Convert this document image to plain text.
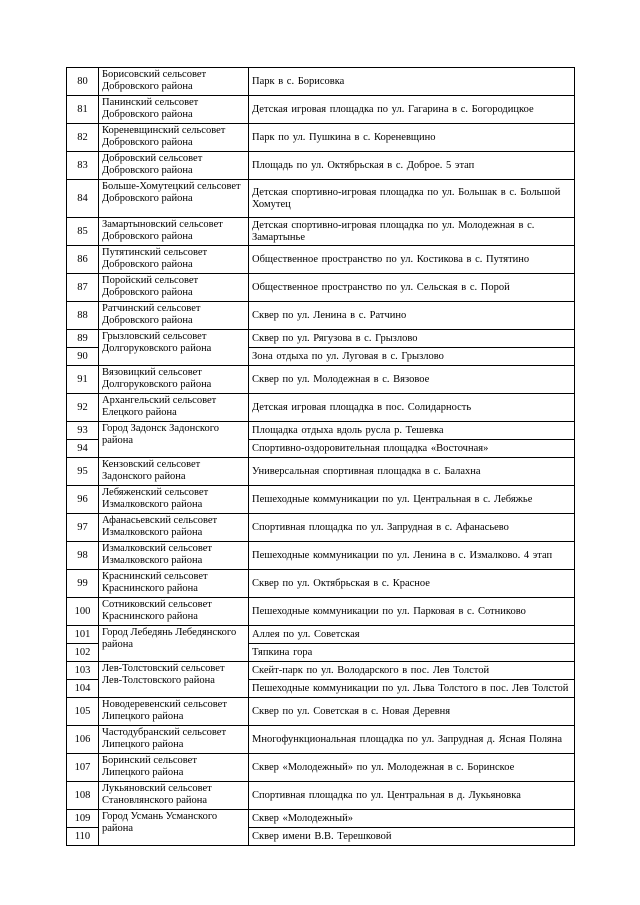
80	Борисовский сельсовет Добровского района	Парк в с. Борисовка
81	Панинский сельсовет Добровского района	Детская игровая площадка по ул. Гагарина в с. Богородицкое
82	Кореневщинский сельсовет Добровского района	Парк по ул. Пушкина в с. Кореневщино
83	Добровский сельсовет Добровского района	Площадь по ул. Октябрьская в с. Доброе. 5 этап
84	Больше-Хомутецкий сельсовет Добровского района	Детская спортивно-игровая площадка по ул. Большак в с. Большой Хомутец
85	Замартыновский сельсовет Добровского района	Детская спортивно-игровая площадка по ул. Молодежная в с. Замартынье
86	Путятинский сельсовет Добровского района	Общественное пространство по ул. Костикова в с. Путятино
87	Поройский сельсовет Добровского района	Общественное пространство по ул. Сельская в с. Порой
88	Ратчинский сельсовет Добровского района	Сквер по ул. Ленина в с. Ратчино
89	Грызловский сельсовет Долгоруковского района	Сквер по ул. Рягузова в с. Грызлово
90		Зона отдыха по ул. Луговая в с. Грызлово
91	Вязовицкий сельсовет Долгоруковского района	Сквер по ул. Молодежная в с. Вязовое
92	Архангельский сельсовет Елецкого района	Детская игровая площадка в пос. Солидарность
93	Город Задонск Задонского района	Площадка отдыха вдоль русла р. Тешевка
94		Спортивно-оздоровительная площадка «Восточная»
95	Кензовский сельсовет Задонского района	Универсальная спортивная площадка в с. Балахна
96	Лебяженский сельсовет Измалковского района	Пешеходные коммуникации по ул. Центральная в с. Лебяжье
97	Афанасьевский сельсовет Измалковского района	Спортивная площадка по ул. Запрудная в с. Афанасьево
98	Измалковский сельсовет Измалковского района	Пешеходные коммуникации по ул. Ленина в с. Измалково. 4 этап
99	Краснинский сельсовет Краснинского района	Сквер по ул. Октябрьская в с. Красное
100	Сотниковский сельсовет Краснинского района	Пешеходные коммуникации по ул. Парковая в с. Сотниково
101	Город Лебедянь Лебедянского района	Аллея по ул. Советская
102		Тяпкина гора
103	Лев-Толстовский сельсовет Лев-Толстовского района	Скейт-парк по ул. Володарского в пос. Лев Толстой
104		Пешеходные коммуникации по ул. Льва Толстого в пос. Лев Толстой
105	Новодеревенский сельсовет Липецкого района	Сквер по ул. Советская в с. Новая Деревня
106	Частодубранский сельсовет Липецкого района	Многофункциональная площадка по ул. Запрудная д. Ясная Поляна
107	Боринский сельсовет Липецкого района	Сквер «Молодежный» по ул. Молодежная в с. Боринское
108	Лукьяновский сельсовет Становлянского района	Спортивная площадка по ул. Центральная в д. Лукьяновка
109	Город Усмань Усманского района	Сквер «Молодежный»
110		Сквер имени В.В. Терешковой
